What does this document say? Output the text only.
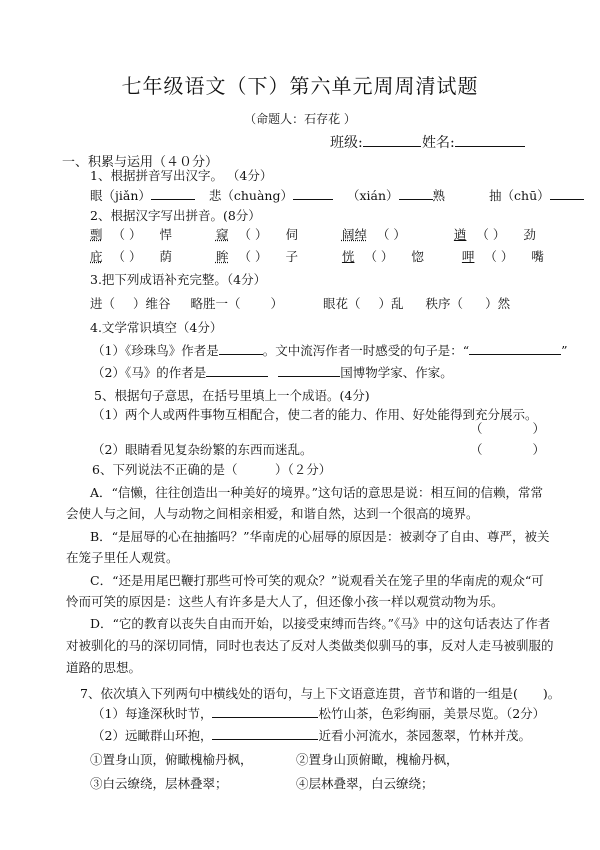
七年级语文（下）第六单元周周清试题
（命题人：石存花 ）
班级:	姓名:
一、积累与运用（４０分）
1、根据拼音写出汉字。 （4分）
眼（jiǎn）	悲（chuàng）	（xián）	熟	抽（chū）
2、根据汉字写出拼音。(8分）
剽 （ ） 悍	窥 （ ） 伺	阔绰 （ ）	遒 （ ） 劲
庇 （ ） 荫	眸 （ ） 子	恍 （ ） 惚	呷 （ ） 嘴
3.把下列成语补充完整。（4分）
进（ ）维谷 略胜一（ ）	眼花（ ）乱 秩序（ ）然
4.文学常识填空（4分）
（1）《珍珠鸟》作者是	。文中流泻作者一时感受的句子是：“	”
（2）《马》的作者是	国博物学家、作家。
5、根据句子意思，在括号里填上一个成语。(4分)
（1）两个人或两件事物互相配合，使二者的能力、作用、好处能得到充分展示。
（　　　　）
（2）眼睛看见复杂纷繁的东西而迷乱。	（　　　　）
6、下列说法不正确的是（　　　）（２分）
A．“信懒，往往创造出一种美好的境界。”这句话的意思是说：相互间的信赖，常常
会使人与之间，人与动物之间相亲相爱，和谐自然，达到一个很高的境界。
B．“是屈辱的心在抽搐吗？”华南虎的心屈辱的原因是：被剥夺了自由、尊严，被关
在笼子里任人观赏。
C．“还是用尾巴鞭打那些可怜可笑的观众？”说观看关在笼子里的华南虎的观众“可
怜而可笑的原因是：这些人有许多是大人了，但还像小孩一样以观赏动物为乐。
D．“它的教育以丧失自由而开始，以接受束缚而告终。”《马》中的这句话表达了作者
对被驯化的马的深切同情，同时也表达了反对人类做类似驯马的事，反对人走马被驯服的
道路的思想。
7、依次填入下列两句中横线处的语句，与上下文语意连贯，音节和谐的一组是(　　)。
（1）每逢深秋时节，	松竹山茶，色彩绚丽，美景尽览。（2分）
（2）远瞰群山环抱，	近看小河流水，茶园葱翠，竹林并茂。
①置身山顶，俯瞰槐榆丹枫，	②置身山顶俯瞰，槐榆丹枫，
③白云缭绕，层林叠翠；	④层林叠翠，白云缭绕；
